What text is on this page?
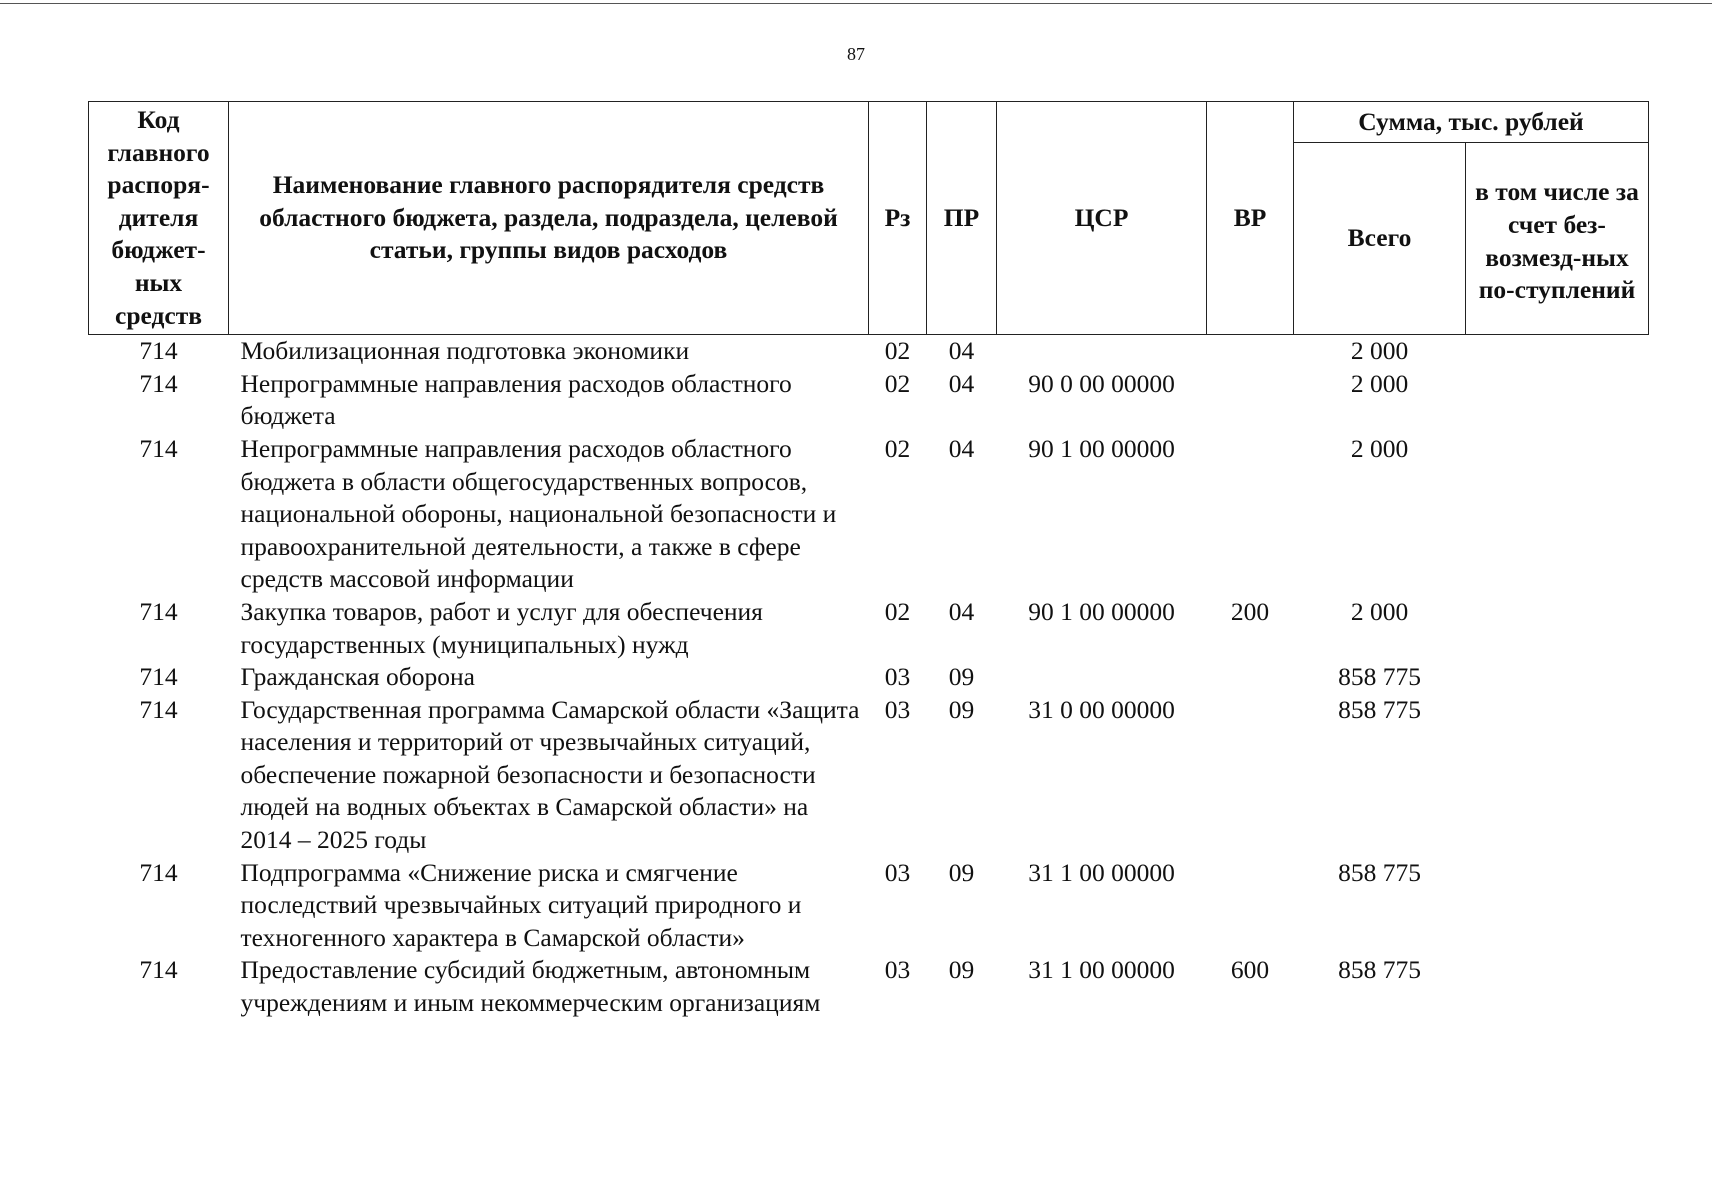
87
Код главного распоря-дителя бюджет-ных средств	Наименование главного распорядителя средств областного бюджета, раздела, подраздела, целевой статьи, группы видов расходов	Рз	ПР	ЦСР	ВР	Сумма, тыс. рублей	
						Всего	в том числе за счет без-возмезд-ных по-ступлений
714	Мобилизационная подготовка экономики	02	04			2 000	
714	Непрограммные направления расходов областного бюджета	02	04	90 0 00 00000		2 000	
714	Непрограммные направления расходов областного бюджета в области общегосударственных вопросов, национальной обороны, национальной безопасности и правоохранительной деятельности, а также в сфере средств массовой информации	02	04	90 1 00 00000		2 000	
714	Закупка товаров, работ и услуг для обеспечения государственных (муниципальных) нужд	02	04	90 1 00 00000	200	2 000	
714	Гражданская оборона	03	09			858 775	
714	Государственная программа Самарской области «Защита населения и территорий от чрезвычайных ситуаций, обеспечение пожарной безопасности и безопасности людей на водных объектах в Самарской области» на 2014 – 2025 годы	03	09	31 0 00 00000		858 775	
714	Подпрограмма «Снижение риска и смягчение последствий чрезвычайных ситуаций природного и техногенного характера в Самарской области»	03	09	31 1 00 00000		858 775	
714	Предоставление субсидий бюджетным, автономным учреждениям и иным некоммерческим организациям	03	09	31 1 00 00000	600	858 775	
